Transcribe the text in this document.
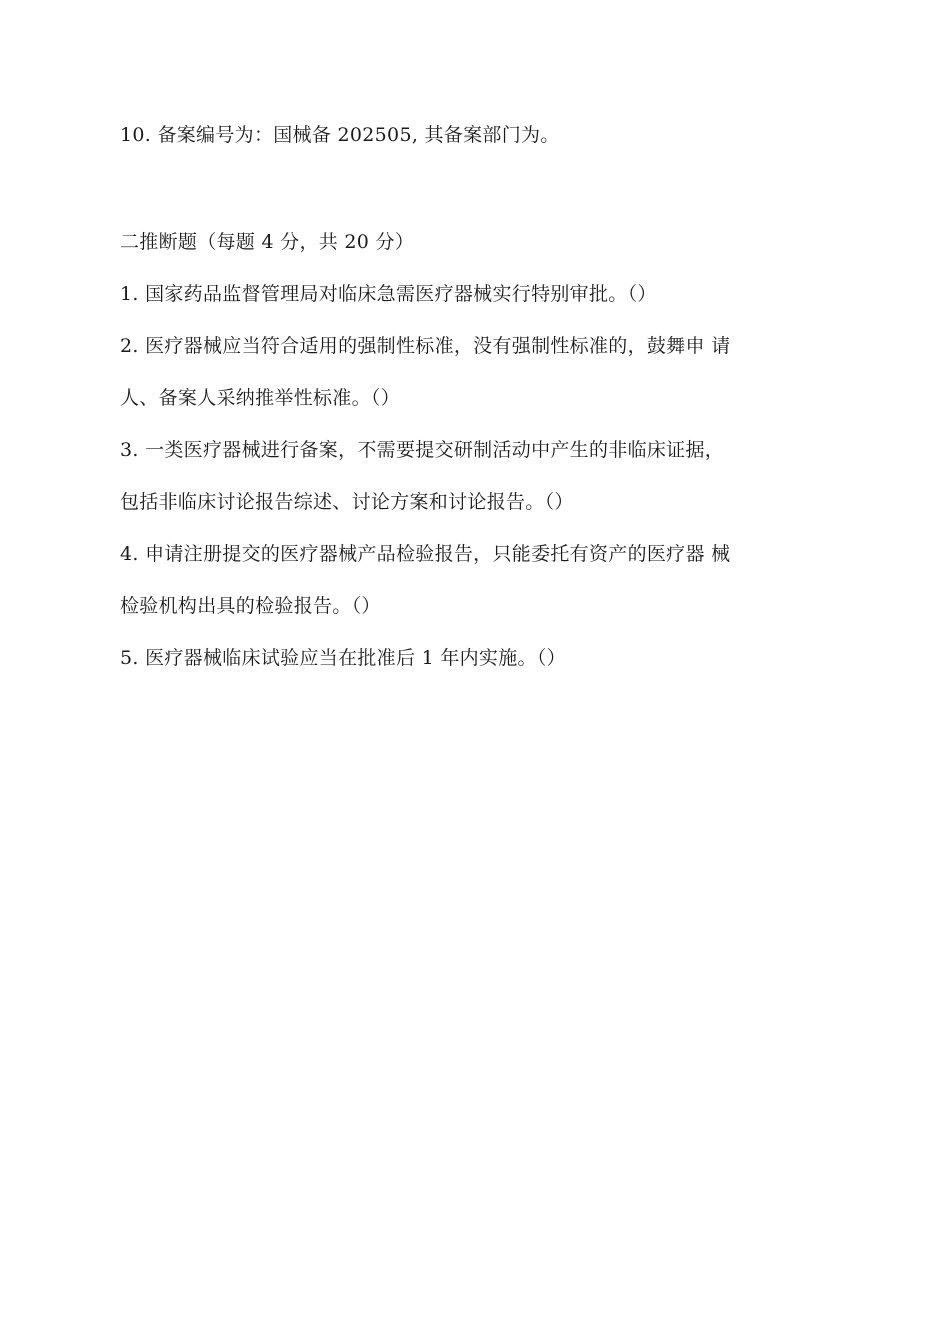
10. 备案编号为：国械备 202505, 其备案部门为。
二推断题（每题 4 分，共 20 分）
1. 国家药品监督管理局对临床急需医疗器械实行特别审批。（）
2. 医疗器械应当符合适用的强制性标准，没有强制性标准的，鼓舞申 请
人、备案人采纳推举性标准。（）
3. 一类医疗器械进行备案，不需要提交研制活动中产生的非临床证据，
包括非临床讨论报告综述、讨论方案和讨论报告。（）
4. 申请注册提交的医疗器械产品检验报告，只能委托有资产的医疗器 械
检验机构出具的检验报告。（）
5. 医疗器械临床试验应当在批准后 1 年内实施。（）
